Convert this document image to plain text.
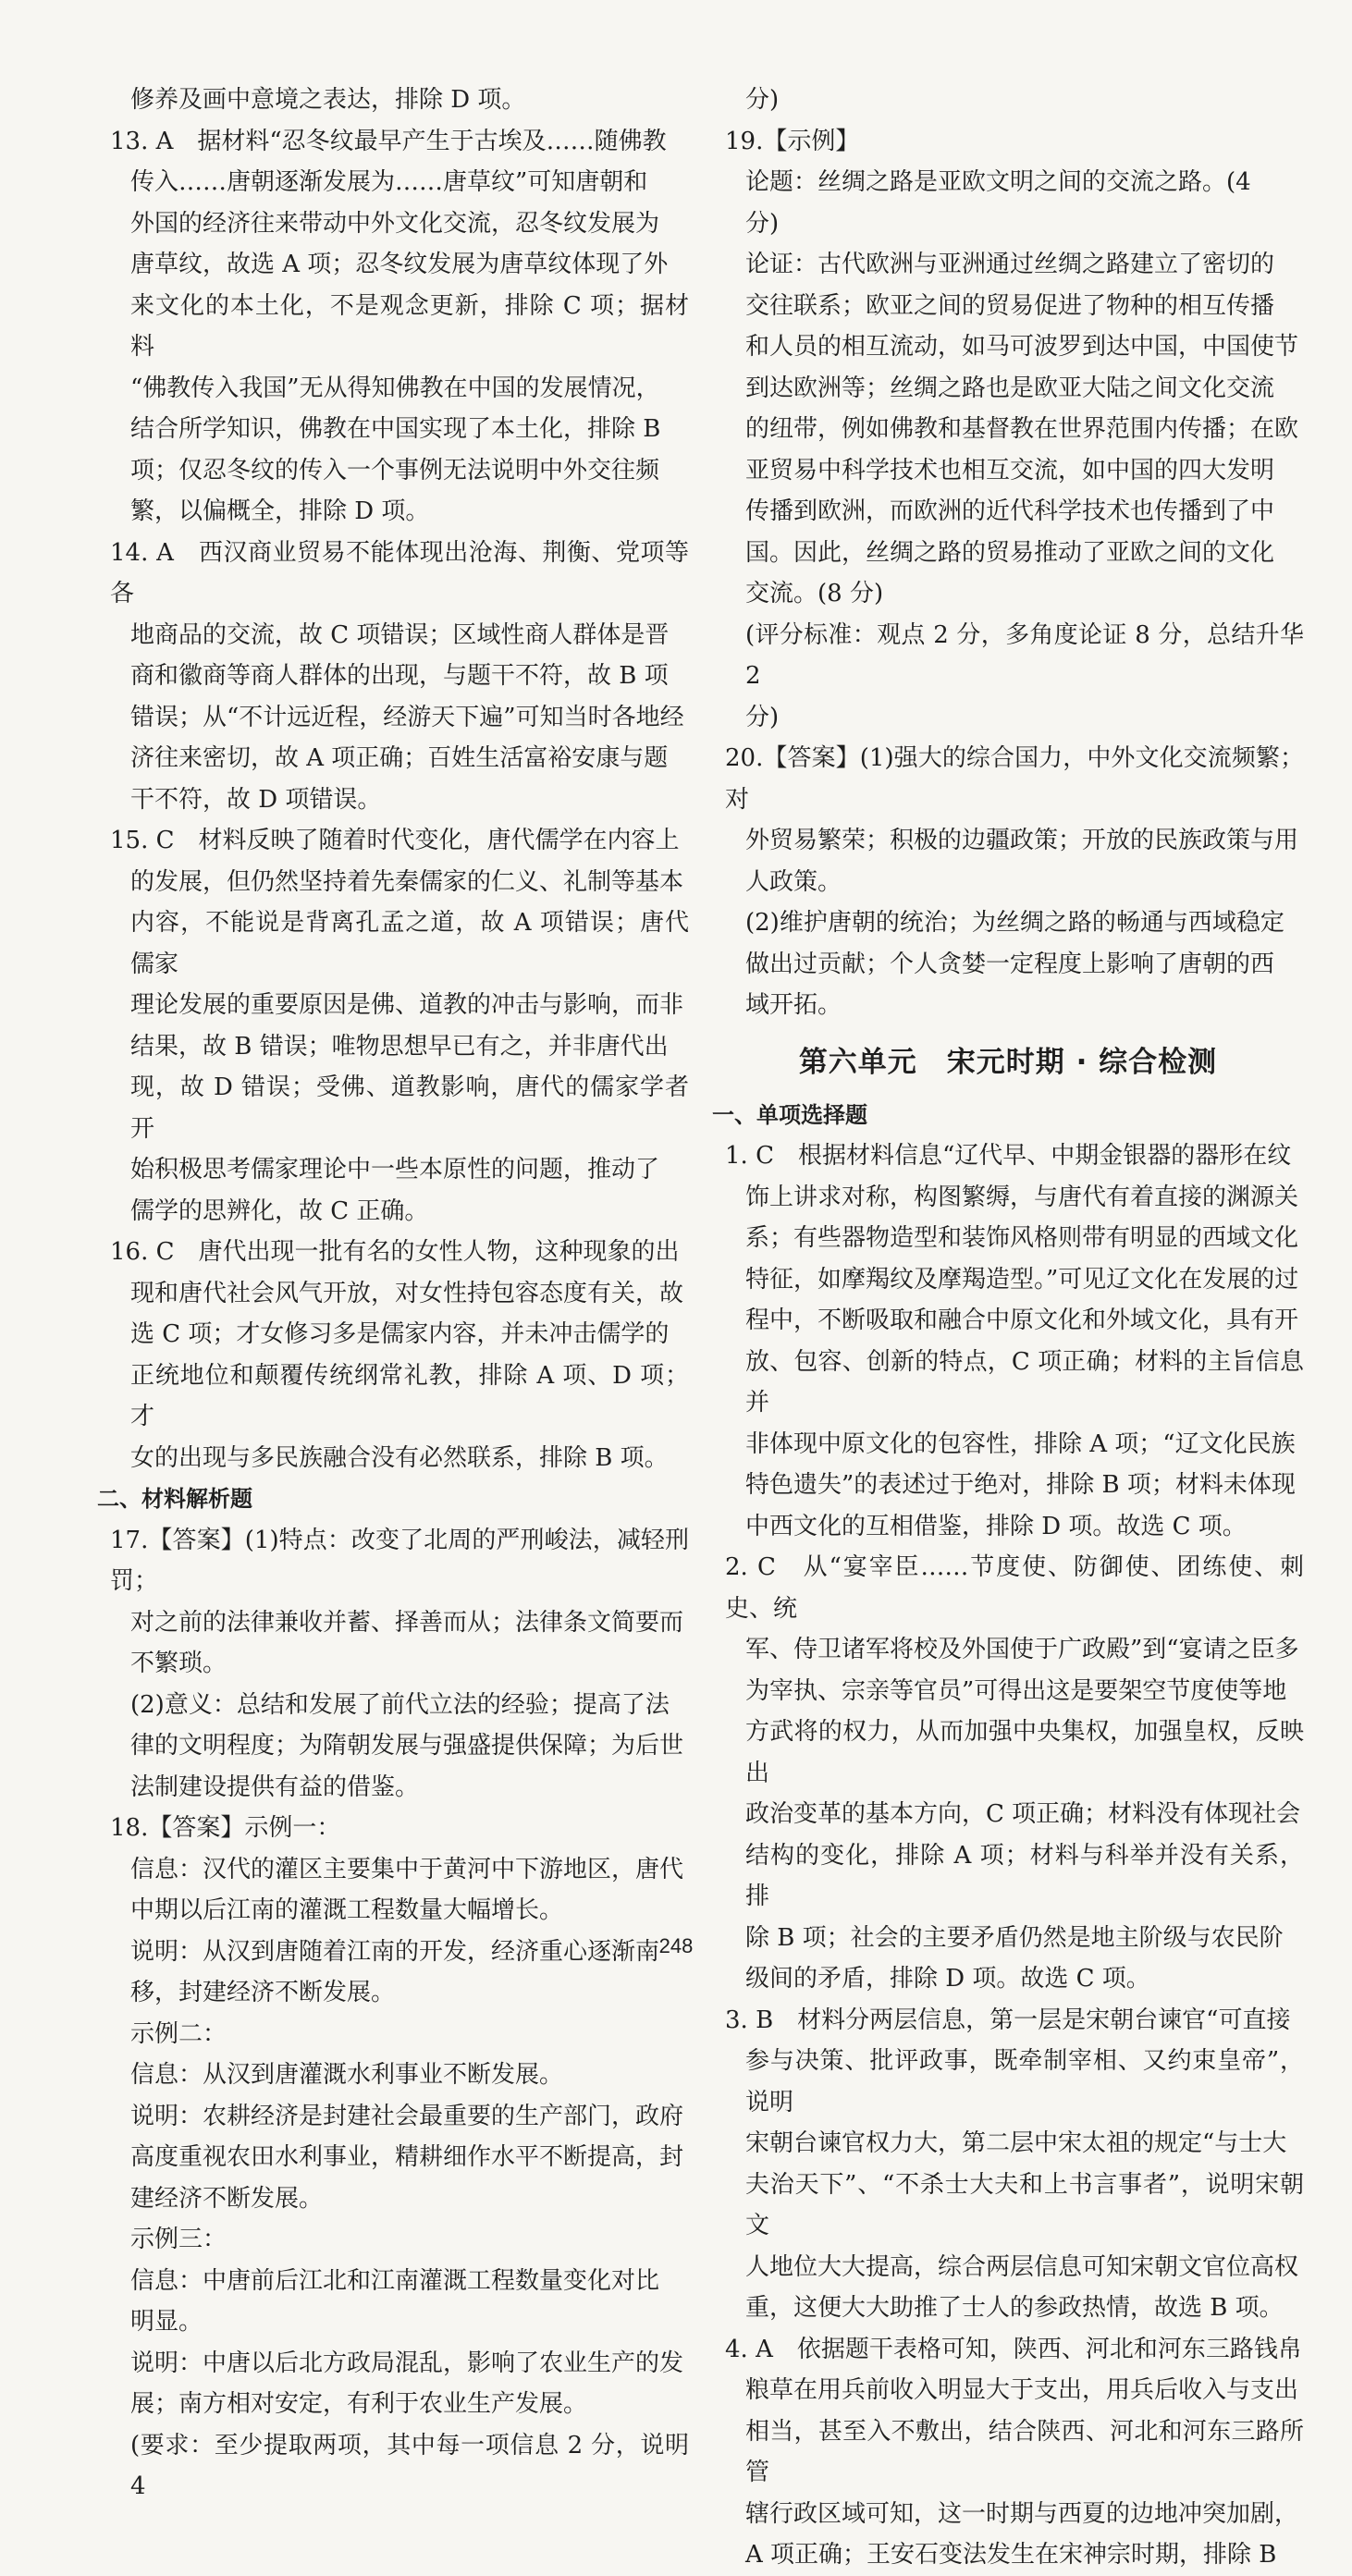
修养及画中意境之表达，排除 D 项。

13. A　据材料“忍冬纹最早产生于古埃及……随佛教

传入……唐朝逐渐发展为……唐草纹”可知唐朝和

外国的经济往来带动中外文化交流，忍冬纹发展为

唐草纹，故选 A 项；忍冬纹发展为唐草纹体现了外

来文化的本土化，不是观念更新，排除 C 项；据材料

“佛教传入我国”无从得知佛教在中国的发展情况，

结合所学知识，佛教在中国实现了本土化，排除 B

项；仅忍冬纹的传入一个事例无法说明中外交往频

繁，以偏概全，排除 D 项。

14. A　西汉商业贸易不能体现出沧海、荆衡、党项等各

地商品的交流，故 C 项错误；区域性商人群体是晋

商和徽商等商人群体的出现，与题干不符，故 B 项

错误；从“不计远近程，经游天下遍”可知当时各地经

济往来密切，故 A 项正确；百姓生活富裕安康与题

干不符，故 D 项错误。

15. C　材料反映了随着时代变化，唐代儒学在内容上

的发展，但仍然坚持着先秦儒家的仁义、礼制等基本

内容，不能说是背离孔孟之道，故 A 项错误；唐代儒家

理论发展的重要原因是佛、道教的冲击与影响，而非

结果，故 B 错误；唯物思想早已有之，并非唐代出

现，故 D 错误；受佛、道教影响，唐代的儒家学者开

始积极思考儒家理论中一些本原性的问题，推动了

儒学的思辨化，故 C 正确。

16. C　唐代出现一批有名的女性人物，这种现象的出

现和唐代社会风气开放，对女性持包容态度有关，故

选 C 项；才女修习多是儒家内容，并未冲击儒学的

正统地位和颠覆传统纲常礼教，排除 A 项、D 项；才

女的出现与多民族融合没有必然联系，排除 B 项。

二、材料解析题

17.【答案】(1)特点：改变了北周的严刑峻法，减轻刑罚；

对之前的法律兼收并蓄、择善而从；法律条文简要而

不繁琐。

(2)意义：总结和发展了前代立法的经验；提高了法

律的文明程度；为隋朝发展与强盛提供保障；为后世

法制建设提供有益的借鉴。

18.【答案】示例一：

信息：汉代的灌区主要集中于黄河中下游地区，唐代

中期以后江南的灌溉工程数量大幅增长。

说明：从汉到唐随着江南的开发，经济重心逐渐南

移，封建经济不断发展。

示例二：

信息：从汉到唐灌溉水利事业不断发展。

说明：农耕经济是封建社会最重要的生产部门，政府

高度重视农田水利事业，精耕细作水平不断提高，封

建经济不断发展。

示例三：

信息：中唐前后江北和江南灌溉工程数量变化对比

明显。

说明：中唐以后北方政局混乱，影响了农业生产的发

展；南方相对安定，有利于农业生产发展。

(要求：至少提取两项，其中每一项信息 2 分，说明 4

分)

19.【示例】

论题：丝绸之路是亚欧文明之间的交流之路。(4

分)

论证：古代欧洲与亚洲通过丝绸之路建立了密切的

交往联系；欧亚之间的贸易促进了物种的相互传播

和人员的相互流动，如马可波罗到达中国，中国使节

到达欧洲等；丝绸之路也是欧亚大陆之间文化交流

的纽带，例如佛教和基督教在世界范围内传播；在欧

亚贸易中科学技术也相互交流，如中国的四大发明

传播到欧洲，而欧洲的近代科学技术也传播到了中

国。因此，丝绸之路的贸易推动了亚欧之间的文化

交流。(8 分)

(评分标准：观点 2 分，多角度论证 8 分，总结升华 2

分)

20.【答案】(1)强大的综合国力，中外文化交流频繁；对

外贸易繁荣；积极的边疆政策；开放的民族政策与用

人政策。

(2)维护唐朝的统治；为丝绸之路的畅通与西域稳定

做出过贡献；个人贪婪一定程度上影响了唐朝的西

域开拓。

第六单元　宋元时期 · 综合检测

一、单项选择题

1. C　根据材料信息“辽代早、中期金银器的器形在纹

饰上讲求对称，构图繁缛，与唐代有着直接的渊源关

系；有些器物造型和装饰风格则带有明显的西域文化

特征，如摩羯纹及摩羯造型。”可见辽文化在发展的过

程中，不断吸取和融合中原文化和外域文化，具有开

放、包容、创新的特点，C 项正确；材料的主旨信息并

非体现中原文化的包容性，排除 A 项；“辽文化民族

特色遗失”的表述过于绝对，排除 B 项；材料未体现

中西文化的互相借鉴，排除 D 项。故选 C 项。

2. C　从“宴宰臣……节度使、防御使、团练使、刺史、统

军、侍卫诸军将校及外国使于广政殿”到“宴请之臣多

为宰执、宗亲等官员”可得出这是要架空节度使等地

方武将的权力，从而加强中央集权，加强皇权，反映出

政治变革的基本方向，C 项正确；材料没有体现社会

结构的变化，排除 A 项；材料与科举并没有关系，排

除 B 项；社会的主要矛盾仍然是地主阶级与农民阶

级间的矛盾，排除 D 项。故选 C 项。

3. B　材料分两层信息，第一层是宋朝台谏官“可直接

参与决策、批评政事，既牵制宰相、又约束皇帝”，说明

宋朝台谏官权力大，第二层中宋太祖的规定“与士大

夫治天下”、“不杀士大夫和上书言事者”，说明宋朝文

人地位大大提高，综合两层信息可知宋朝文官位高权

重，这便大大助推了士人的参政热情，故选 B 项。

4. A　依据题干表格可知，陕西、河北和河东三路钱帛

粮草在用兵前收入明显大于支出，用兵后收入与支出

相当，甚至入不敷出，结合陕西、河北和河东三路所管

辖行政区域可知，这一时期与西夏的边地冲突加剧，

A 项正确；王安石变法发生在宋神宗时期，排除 B

248
